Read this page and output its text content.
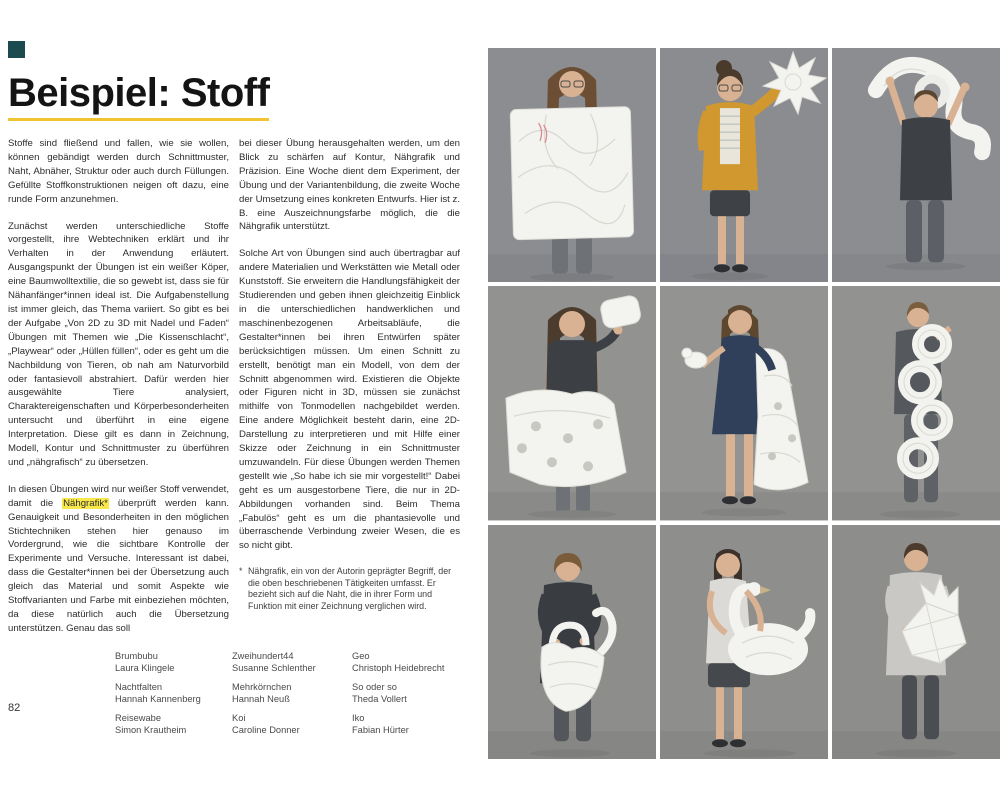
Beispiel: Stoff

Stoffe sind fließend und fallen, wie sie wollen, können gebändigt werden durch Schnittmuster, Naht, Abnäher, Struktur oder auch durch Füllungen. Gefüllte Stoffkonstruktionen neigen oft dazu, eine runde Form anzunehmen.

Zunächst werden unterschiedliche Stoffe vorgestellt, ihre Webtechniken erklärt und ihr Verhalten in der Anwendung erläutert. Ausgangspunkt der Übungen ist ein weißer Köper, eine Baumwolltextilie, die so gewebt ist, dass sie für Nähanfänger*innen ideal ist. Die Aufgabenstellung ist immer gleich, das Thema variiert. So gibt es bei der Aufgabe „Von 2D zu 3D mit Nadel und Faden“ Übungen mit Themen wie „Die Kissenschlacht“, „Playwear“ oder „Hüllen füllen“, oder es geht um die Nachbildung von Tieren, ob nah am Naturvorbild oder fantasievoll abstrahiert. Dafür werden hier ausgewählte Tiere analysiert, Charaktereigenschaften und Körperbesonderheiten untersucht und überführt in eine eigene Interpretation. Diese gilt es dann in Zeichnung, Modell, Kontur und Schnittmuster zu überführen und „nähgrafisch“ zu übersetzen.

In diesen Übungen wird nur weißer Stoff verwendet, damit die Nähgrafik* überprüft werden kann. Genauigkeit und Besonderheiten in den möglichen Stichtechniken stehen hier genauso im Vordergrund, wie die sichtbare Kontrolle der Experimente und Versuche. Interessant ist dabei, dass die Gestalter*innen bei der Übersetzung auch gleich das Material und somit Aspekte wie Stoffvarianten und Farbe mit einbeziehen möchten, da diese natürlich auch die Übersetzung unterstützen. Genau das soll

bei dieser Übung herausgehalten werden, um den Blick zu schärfen auf Kontur, Nähgrafik und Präzision. Eine Woche dient dem Experiment, der Übung und der Variantenbildung, die zweite Woche der Umsetzung eines konkreten Entwurfs. Hier ist z. B. eine Auszeichnungsfarbe möglich, die die Nähgrafik unterstützt.

Solche Art von Übungen sind auch übertragbar auf andere Materialien und Werkstätten wie Metall oder Kunststoff. Sie erweitern die Handlungsfähigkeit der Studierenden und geben ihnen gleichzeitig Einblick in die unterschiedlichen handwerklichen und maschinenbezogenen Arbeitsabläufe, die Gestalter*innen bei ihren Entwürfen später berücksichtigen müssen. Um einen Schnitt zu erstellt, benötigt man ein Modell, von dem der Schnitt abgenommen wird. Existieren die Objekte oder Figuren nicht in 3D, müssen sie zunächst mithilfe von Tonmodellen nachgebildet werden. Eine andere Möglichkeit besteht darin, eine 2D-Darstellung zu interpretieren und mit Hilfe einer Skizze oder Zeichnung in ein Schnittmuster umzuwandeln. Für diese Übungen werden Themen gestellt wie „So habe ich sie mir vorgestellt!“ Dabei geht es um ausgestorbene Tiere, die nur in 2D-Abbildungen vorhanden sind. Beim Thema „Fabulös“ geht es um die phantasievolle und überraschende Verbindung zweier Wesen, die es so nicht gibt.

* Nähgrafik, ein von der Autorin geprägter Begriff, der die oben beschriebenen Tätigkeiten umfasst. Er bezieht sich auf die Naht, die in ihrer Form und Funktion mit einer Zeichnung verglichen wird.
Brumbubu
Laura Klingele
Nachtfalten
Hannah Kannenberg
Reisewabe
Simon Krautheim
Zweihundert44
Susanne Schlenther
Mehrkörnchen
Hannah Neuß
Koi
Caroline Donner
Geo
Christoph Heidebrecht
So oder so
Theda Vollert
Iko
Fabian Hürter
82
